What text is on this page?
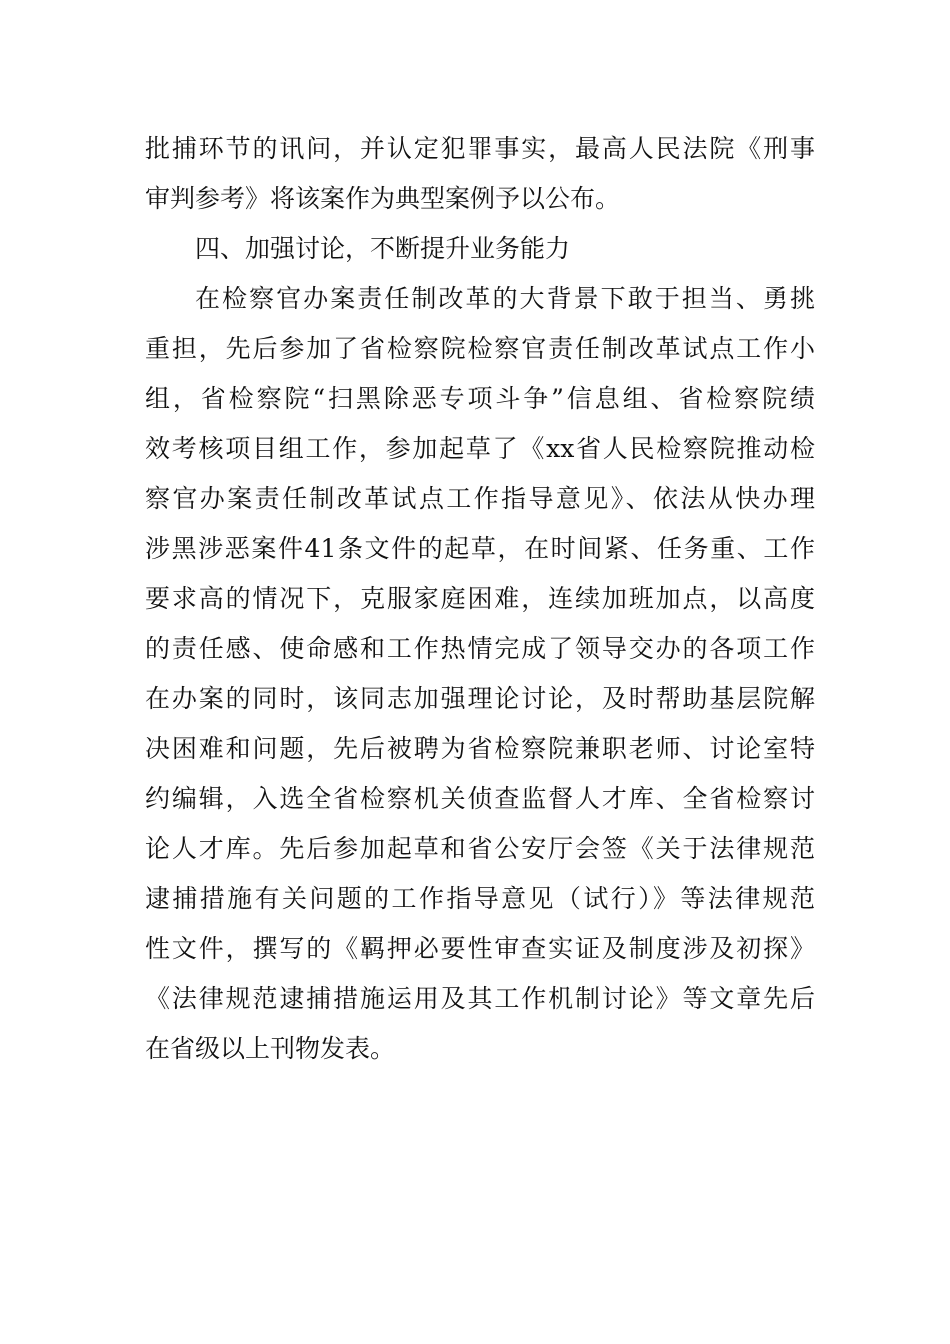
批捕环节的讯问，并认定犯罪事实，最高人民法院《刑事
审判参考》将该案作为典型案例予以公布。
四、加强讨论，不断提升业务能力
在检察官办案责任制改革的大背景下敢于担当、勇挑
重担，先后参加了省检察院检察官责任制改革试点工作小
组，省检察院“扫黑除恶专项斗争”信息组、省检察院绩
效考核项目组工作，参加起草了《xx省人民检察院推动检
察官办案责任制改革试点工作指导意见》、依法从快办理
涉黑涉恶案件41条文件的起草，在时间紧、任务重、工作
要求高的情况下，克服家庭困难，连续加班加点，以高度
的责任感、使命感和工作热情完成了领导交办的各项工作
在办案的同时，该同志加强理论讨论，及时帮助基层院解
决困难和问题，先后被聘为省检察院兼职老师、讨论室特
约编辑，入选全省检察机关侦查监督人才库、全省检察讨
论人才库。先后参加起草和省公安厅会签《关于法律规范
逮捕措施有关问题的工作指导意见（试行）》等法律规范
性文件，撰写的《羁押必要性审查实证及制度涉及初探》
《法律规范逮捕措施运用及其工作机制讨论》等文章先后
在省级以上刊物发表。
